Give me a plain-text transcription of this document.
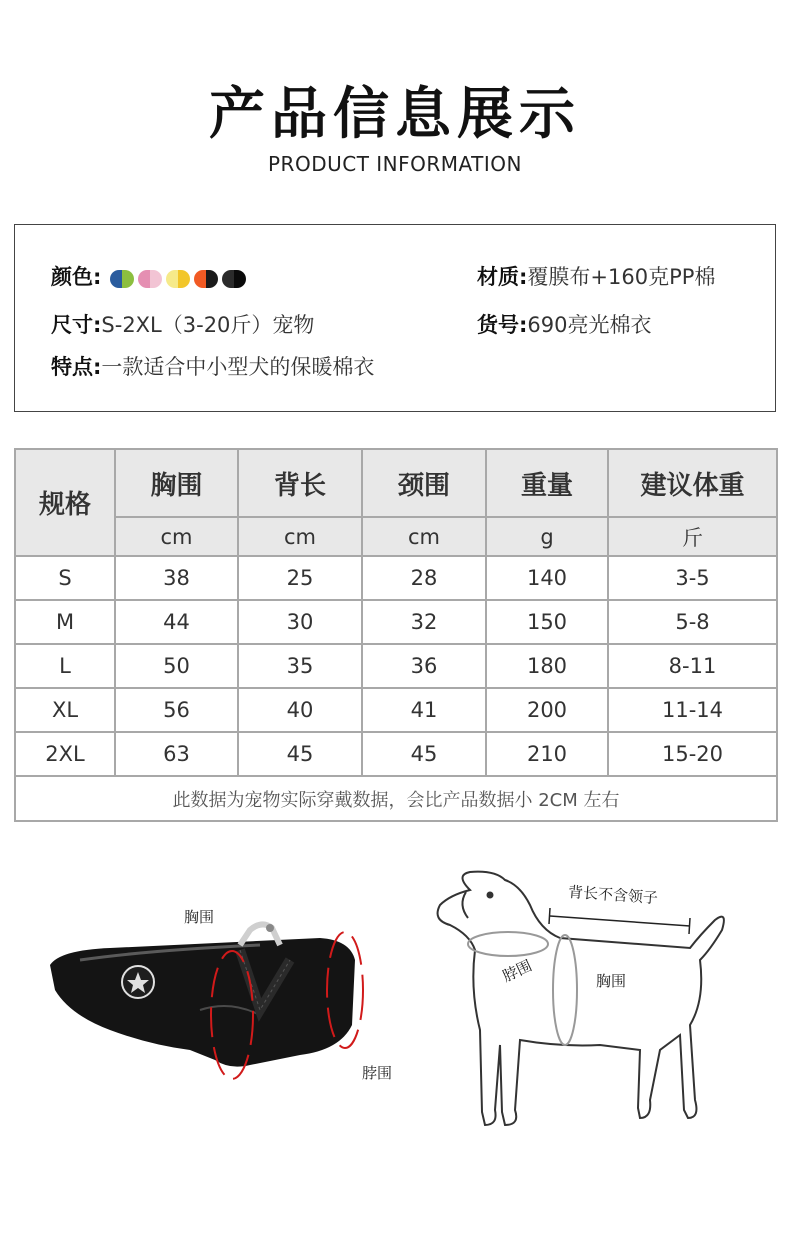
产品信息展示
PRODUCT INFORMATION
颜色:	材质:覆膜布+160克PP棉
尺寸:S-2XL（3-20斤）宠物	货号:690亮光棉衣
特点:一款适合中小型犬的保暖棉衣
规格	胸围	背长	颈围	重量	建议体重
	cm	cm	cm	g	斤
S	38	25	28	140	3-5
M	44	30	32	150	5-8
L	50	35	36	180	8-11
XL	56	40	41	200	11-14
2XL	63	45	45	210	15-20
此数据为宠物实际穿戴数据，会比产品数据小 2CM 左右					
胸围
脖围
背长不含领子
脖围	胸围
